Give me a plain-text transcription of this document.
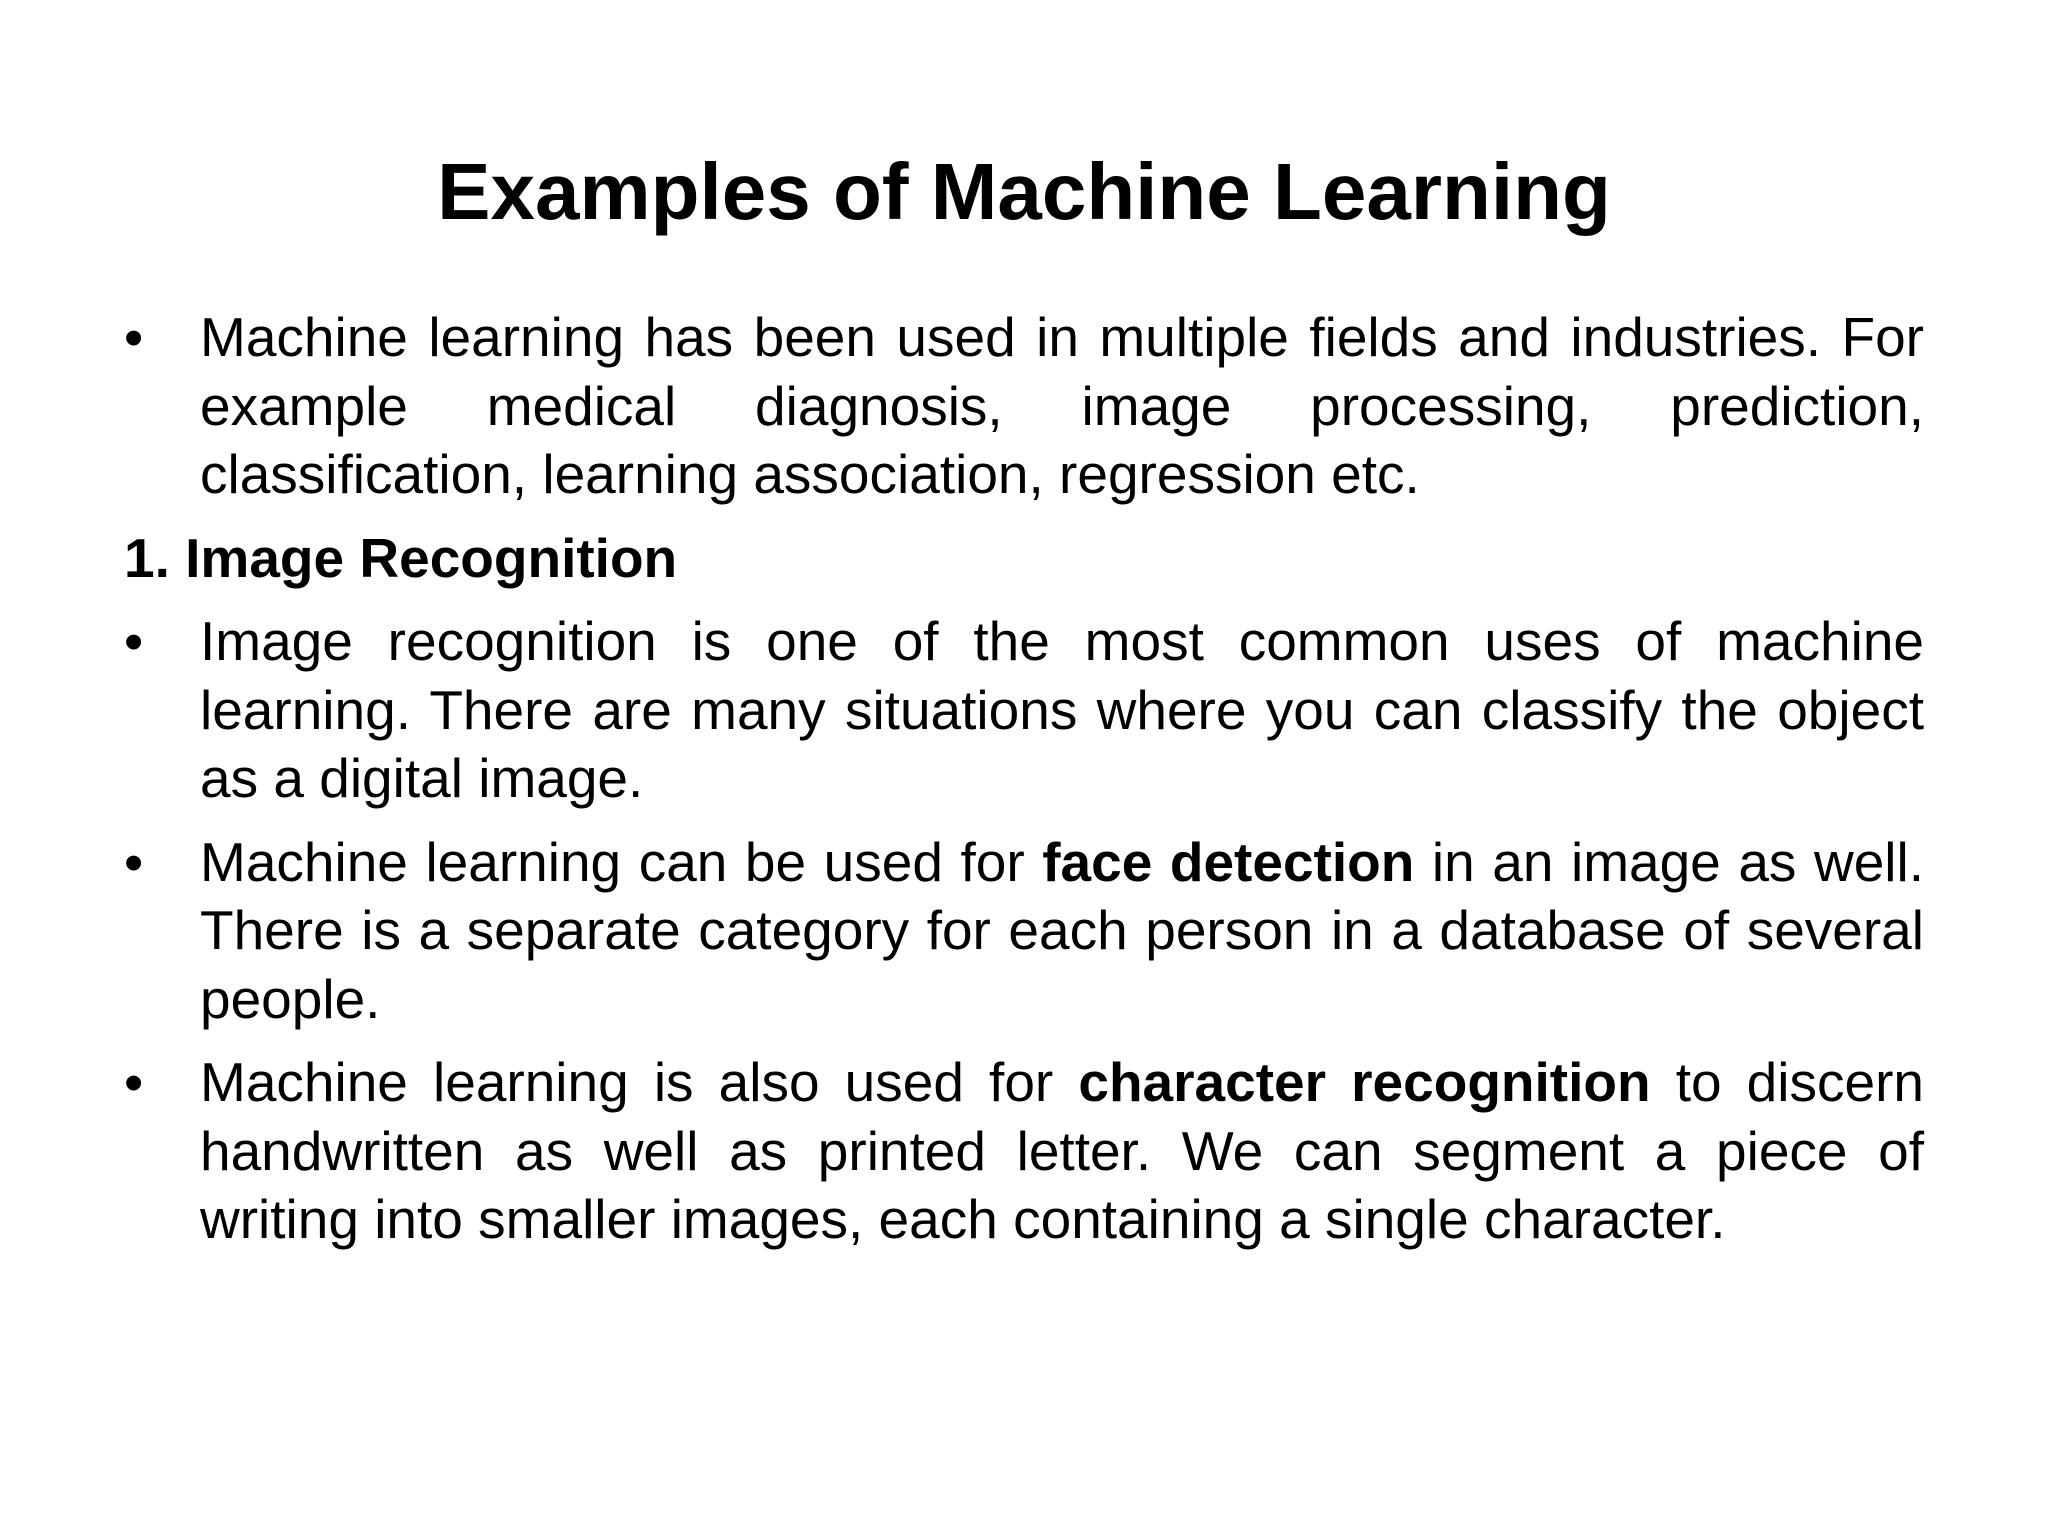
Examples of Machine Learning
• Machine learning has been used in multiple fields and industries. For example medical diagnosis, image processing, prediction, classification, learning association, regression etc.
1. Image Recognition
• Image recognition is one of the most common uses of machine learning. There are many situations where you can classify the object as a digital image.
• Machine learning can be used for face detection in an image as well. There is a separate category for each person in a database of several people.
• Machine learning is also used for character recognition to discern handwritten as well as printed letter. We can segment a piece of writing into smaller images, each containing a single character.
